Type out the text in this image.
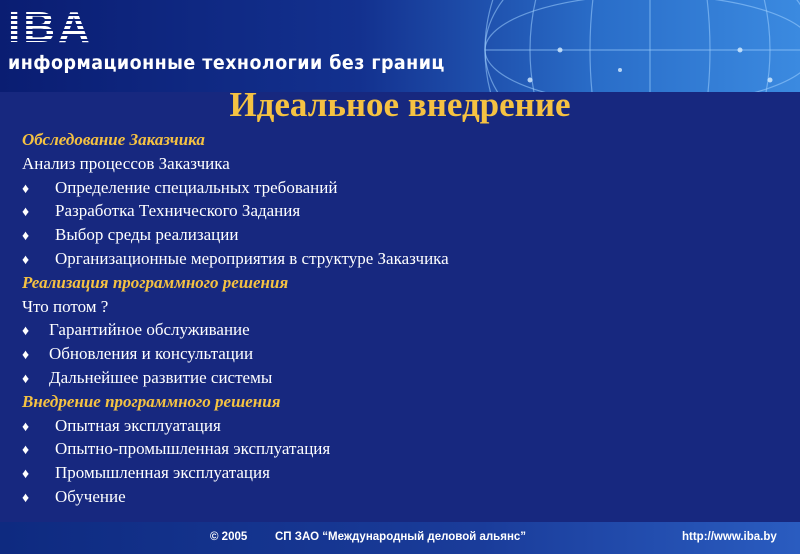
IBA
информационные технологии без границ
Идеальное внедрение
Обследование Заказчика
Анализ процессов Заказчика
♦ Определение специальных требований
♦ Разработка Технического Задания
♦ Выбор среды реализации
♦ Организационные мероприятия в структуре Заказчика
Реализация программного решения
Что потом ?
♦ Гарантийное обслуживание
♦ Обновления и консультации
♦ Дальнейшее развитие системы
Внедрение программного решения
♦ Опытная эксплуатация
♦ Опытно-промышленная эксплуатация
♦ Промышленная эксплуатация
♦ Обучение
© 2005 СП ЗАО “Международный деловой альянс”	http://www.iba.by
